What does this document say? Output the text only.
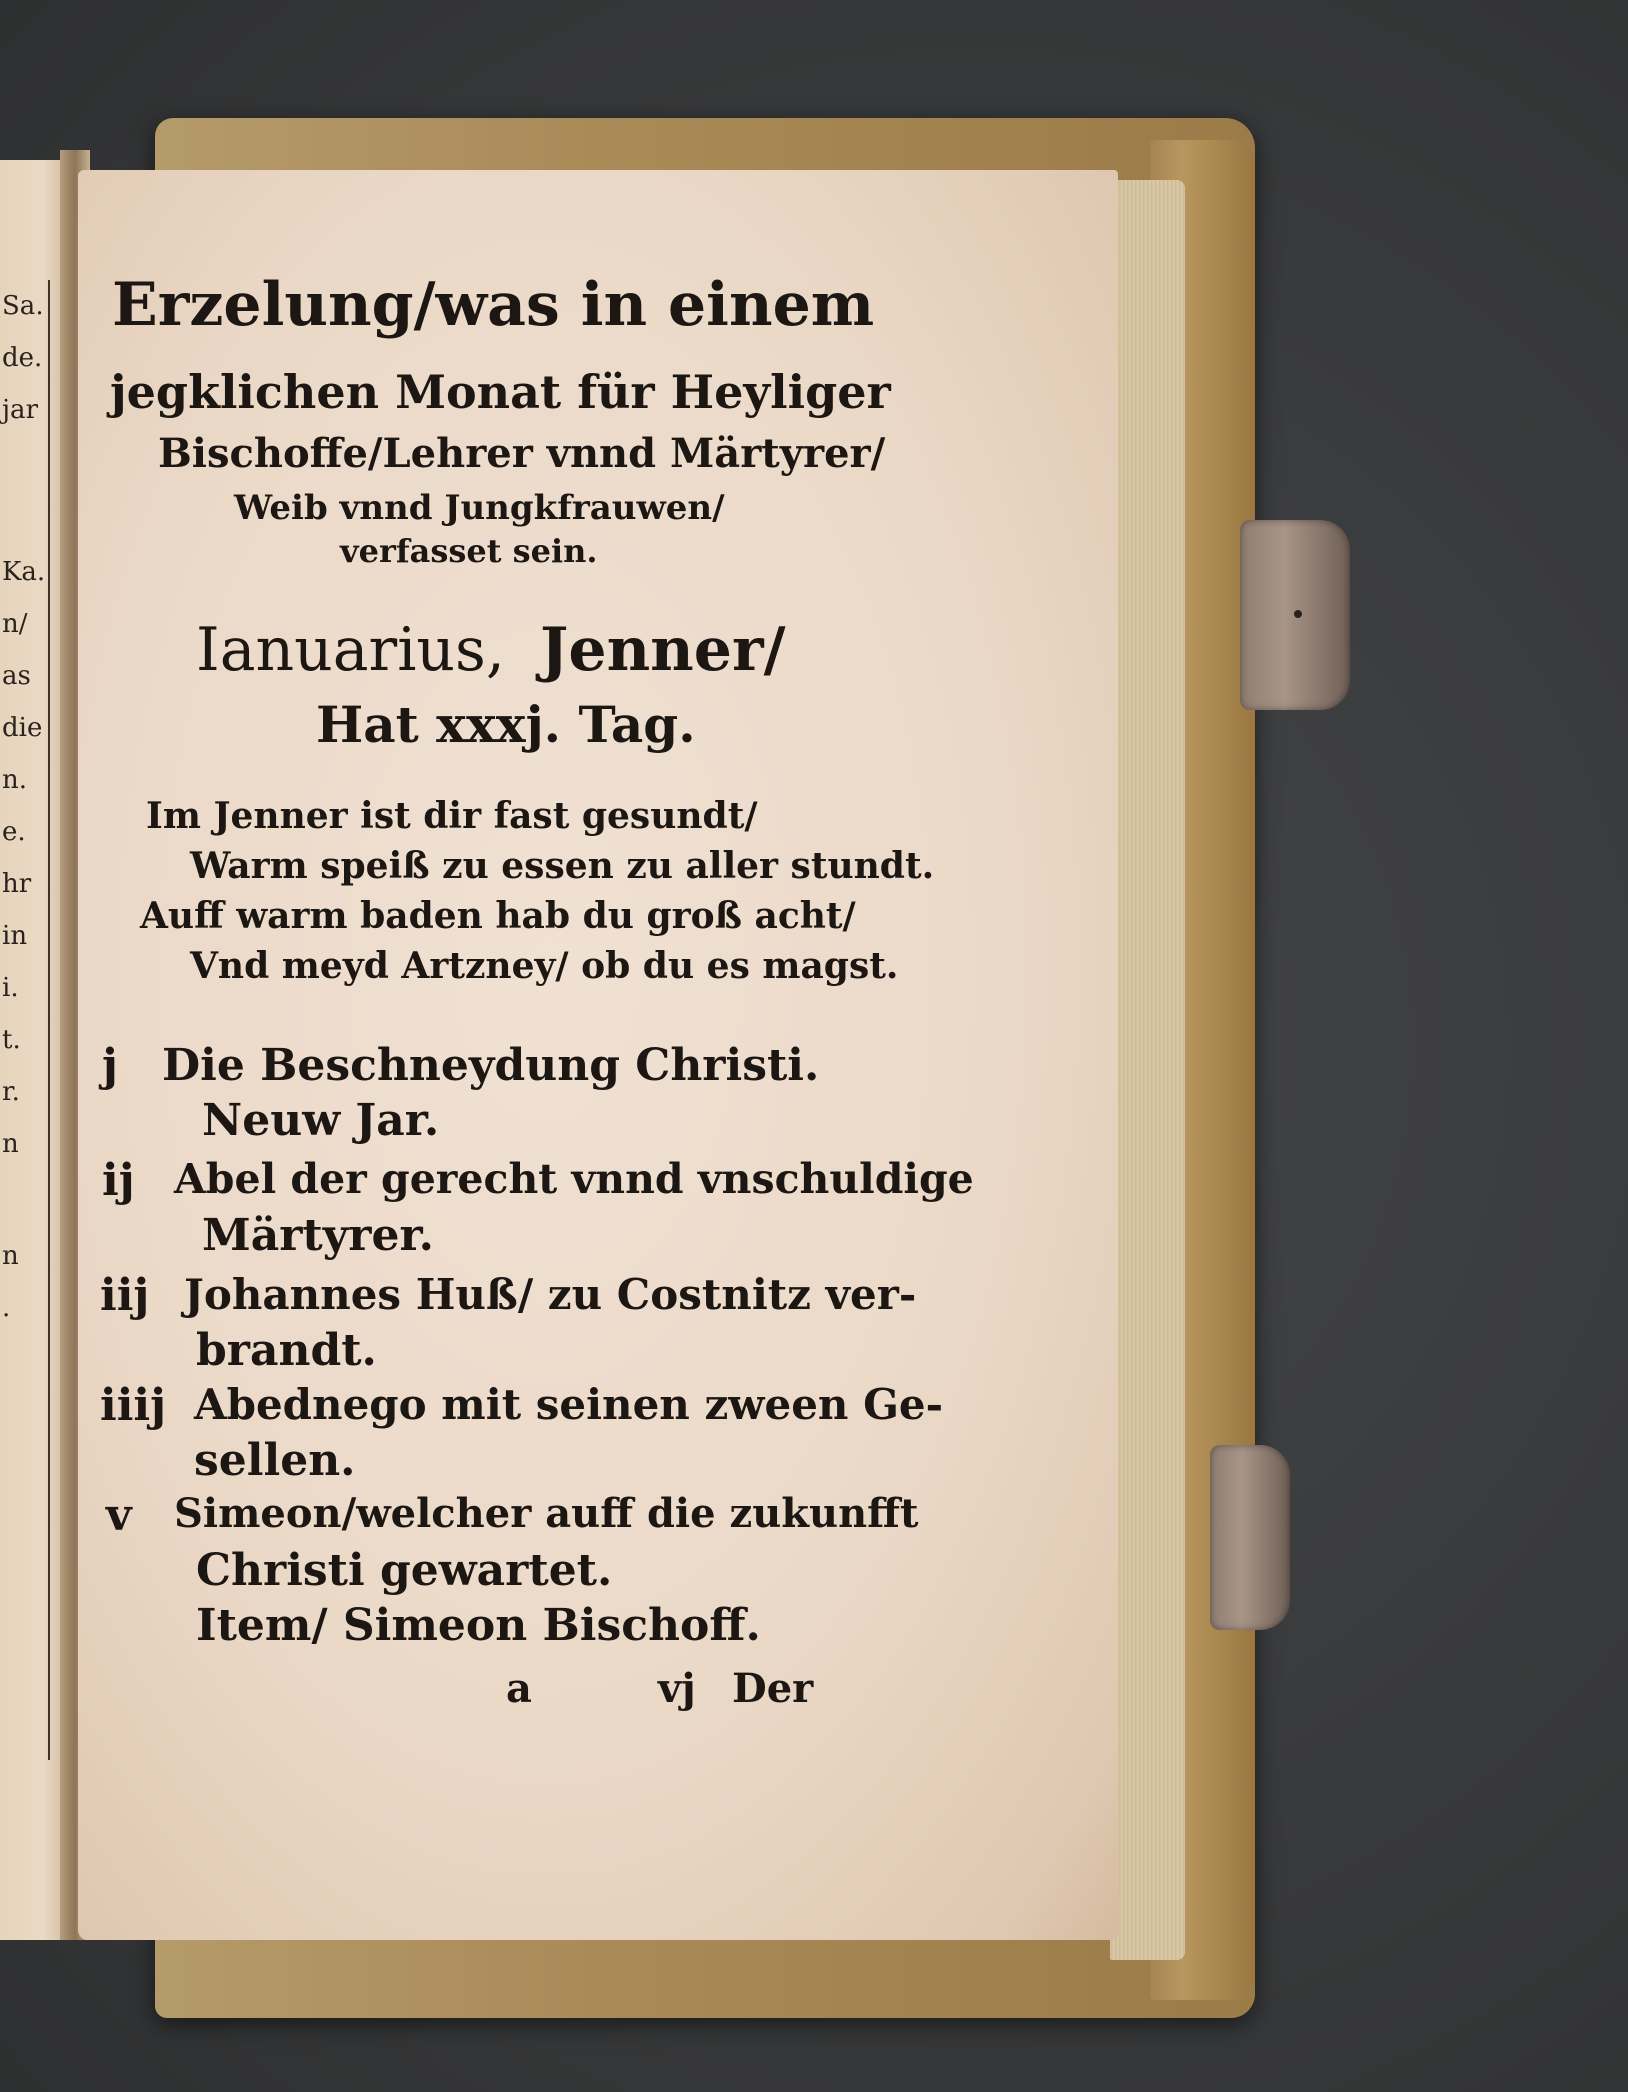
Sa.
de.
jar
Ka.
n/
as
die
n.
e.
hr
in
i.
t.
r.
n
n
.
Erzelung/was in einem
jegklichen Monat für Heyliger
Bischoffe/Lehrer vnnd Märtyrer/
Weib vnnd Jungkfrauwen/
verfasset sein.
Ianuarius, Jenner/
Hat xxxj. Tag.
Im Jenner ist dir fast gesundt/
Warm speiß zu essen zu aller stundt.
Auff warm baden hab du groß acht/
Vnd meyd Artzney/ ob du es magst.
j Die Beschneydung Christi.
Neuw Jar.
ij Abel der gerecht vnnd vnschuldige
Märtyrer.
iij Johannes Huß/ zu Costnitz ver-
brandt.
iiij Abednego mit seinen zween Ge-
sellen.
v Simeon/welcher auff die zukunfft
Christi gewartet.
Item/ Simeon Bischoff.
a	vj Der
